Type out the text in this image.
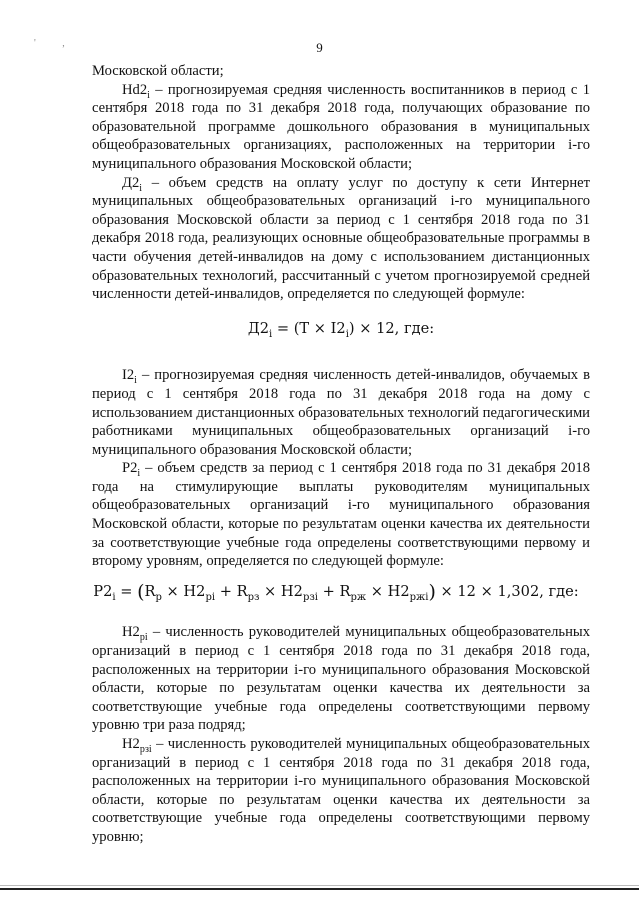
' ,	9

Московской области;

$Нd2_i$ – прогнозируемая средняя численность воспитанников в период с 1 сентября 2018 года по 31 декабря 2018 года, получающих образование по образовательной программе дошкольного образования в муниципальных общеобразовательных организациях, расположенных на территории i-го муниципального образования Московской области;

$Д2_i$ – объем средств на оплату услуг по доступу к сети Интернет муниципальных общеобразовательных организаций i-го муниципального образования Московской области за период с 1 сентября 2018 года по 31 декабря 2018 года, реализующих основные общеобразовательные программы в части обучения детей-инвалидов на дому с использованием дистанционных образовательных технологий, рассчитанный с учетом прогнозируемой средней численности детей-инвалидов, определяется по следующей формуле:

$Д2_i = (Т \times I2_i) \times 12$, где:

$I2_i$ – прогнозируемая средняя численность детей-инвалидов, обучаемых в период с 1 сентября 2018 года по 31 декабря 2018 года на дому с использованием дистанционных образовательных технологий педагогическими работниками муниципальных общеобразовательных организаций i-го муниципального образования Московской области;

$Р2_i$ – объем средств за период с 1 сентября 2018 года по 31 декабря 2018 года на стимулирующие выплаты руководителям муниципальных общеобразовательных организаций i-го муниципального образования Московской области, которые по результатам оценки качества их деятельности за соответствующие учебные года определены соответствующими первому и второму уровням, определяется по следующей формуле:

$Р2_i = (R_р \times Н2_{рi} + R_{рз} \times Н2_{рзi} + R_{рж} \times Н2_{ржi}) \times 12 \times 1,302$, где:

$Н2_{рi}$ – численность руководителей муниципальных общеобразовательных организаций в период с 1 сентября 2018 года по 31 декабря 2018 года, расположенных на территории i-го муниципального образования Московской области, которые по результатам оценки качества их деятельности за соответствующие учебные года определены соответствующими первому уровню три раза подряд;

$Н2_{рзi}$ – численность руководителей муниципальных общеобразовательных организаций в период с 1 сентября 2018 года по 31 декабря 2018 года, расположенных на территории i-го муниципального образования Московской области, которые по результатам оценки качества их деятельности за соответствующие учебные года определены соответствующими первому уровню;
